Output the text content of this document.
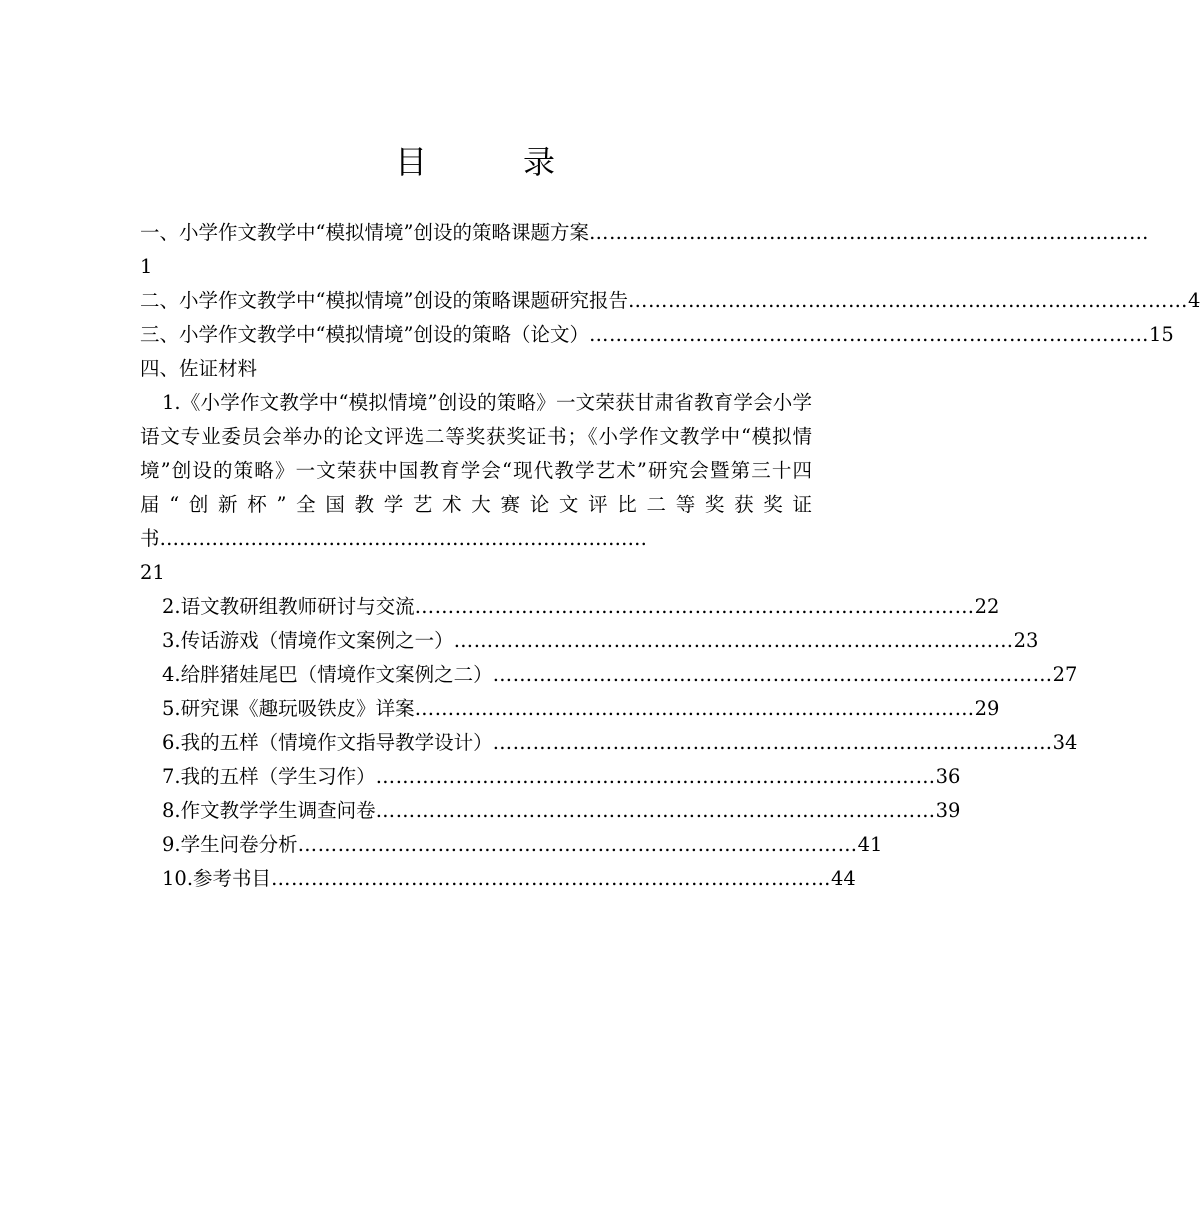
目　录
一、小学作文教学中“模拟情境”创设的策略课题方案 …………………………………………………………………………
1
二、小学作文教学中“模拟情境”创设的策略课题研究报告 ………………………………………………………………………… 4
三、小学作文教学中“模拟情境”创设的策略（论文） ………………………………………………………………………… 15
四、佐证材料
1.《小学作文教学中“模拟情境”创设的策略》一文荣获甘肃省教育学会小学语文专业委员会举办的论文评选二等奖获奖证书；《小学作文教学中“模拟情境”创设的策略》一文荣获中国教育学会“现代教学艺术”研究会暨第三十四届“创新杯”全国教学艺术大赛论文评比二等奖获奖证书…………………………………………………………………
21
2.语文教研组教师研讨与交流 ………………………………………………………………………… 22
3.传话游戏（情境作文案例之一） ………………………………………………………………………… 23
4.给胖猪娃尾巴（情境作文案例之二） ………………………………………………………………………… 27
5.研究课《趣玩吸铁皮》详案 ………………………………………………………………………… 29
6.我的五样（情境作文指导教学设计） ………………………………………………………………………… 34
7.我的五样（学生习作） ………………………………………………………………………… 36
8.作文教学学生调查问卷 ………………………………………………………………………… 39
9.学生问卷分析 ………………………………………………………………………… 41
10.参考书目 ………………………………………………………………………… 44
